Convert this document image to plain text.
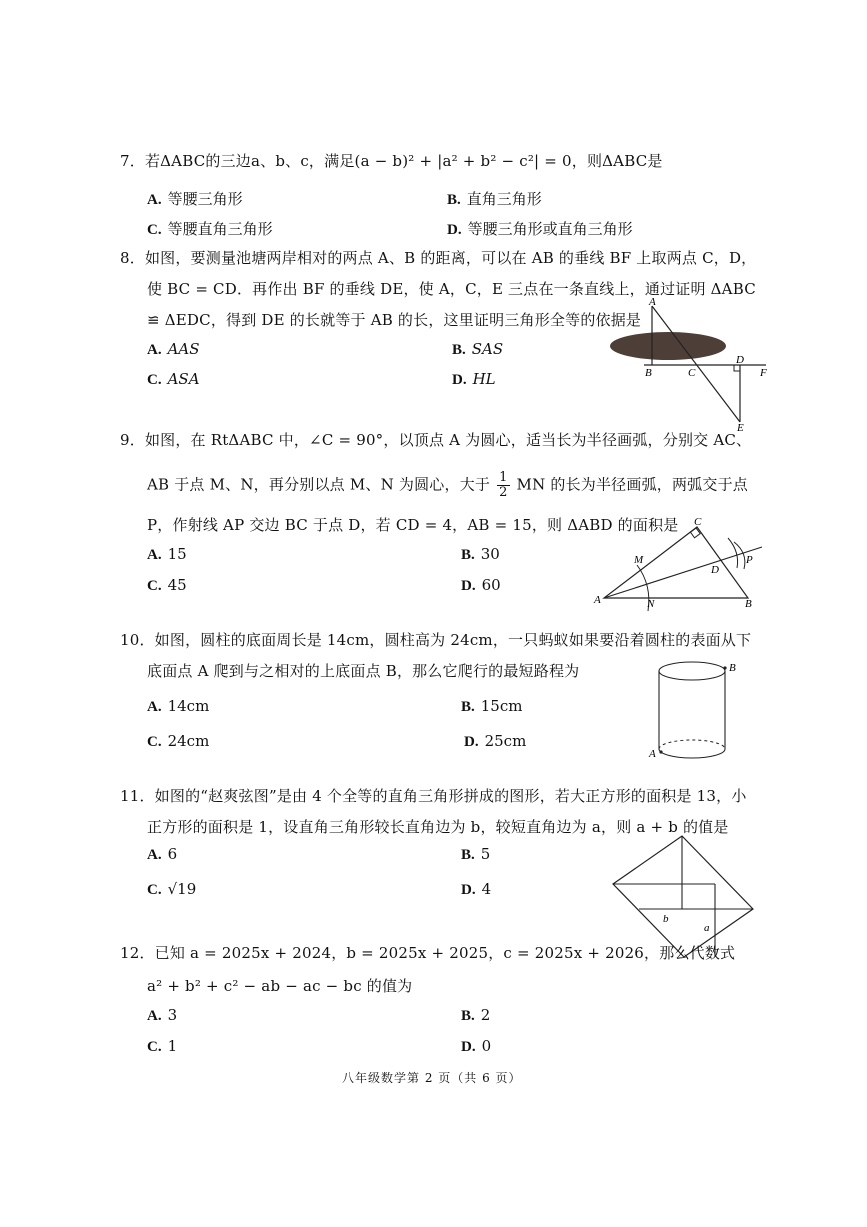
7．若ΔABC的三边a、b、c，满足(a − b)² + |a² + b² − c²| = 0，则ΔABC是
A. 等腰三角形	B. 直角三角形
C. 等腰直角三角形	D. 等腰三角形或直角三角形
8．如图，要测量池塘两岸相对的两点 A、B 的距离，可以在 AB 的垂线 BF 上取两点 C，D，
使 BC = CD．再作出 BF 的垂线 DE，使 A，C，E 三点在一条直线上，通过证明 ΔABC
≌ ΔEDC，得到 DE 的长就等于 AB 的长，这里证明三角形全等的依据是
A. AAS	B. SAS
C. ASA	D. HL
A
B	C
D
E
F
9．如图，在 RtΔABC 中，∠C = 90°，以顶点 A 为圆心，适当长为半径画弧，分别交 AC、
AB 于点 M、N，再分别以点 M、N 为圆心，大于 $\frac{1}{2}$ MN 的长为半径画弧，两弧交于点
P，作射线 AP 交边 BC 于点 D，若 CD = 4，AB = 15，则 ΔABD 的面积是
A. 15	B. 30
C. 45	D. 60
C
M
D
P
A	N	B
10．如图，圆柱的底面周长是 14cm，圆柱高为 24cm，一只蚂蚁如果要沿着圆柱的表面从下
底面点 A 爬到与之相对的上底面点 B，那么它爬行的最短路程为
A. 14cm	B. 15cm
C. 24cm	D. 25cm
A
B
11．如图的“赵爽弦图”是由 4 个全等的直角三角形拼成的图形，若大正方形的面积是 13，小
正方形的面积是 1，设直角三角形较长直角边为 b，较短直角边为 a，则 a + b 的值是
A. 6	B. 5
C. √19	D. 4
b
a
12．已知 a = 2025x + 2024，b = 2025x + 2025，c = 2025x + 2026，那么代数式
a² + b² + c² − ab − ac − bc 的值为
A. 3	B. 2
C. 1	D. 0
八年级数学第 2 页（共 6 页）
